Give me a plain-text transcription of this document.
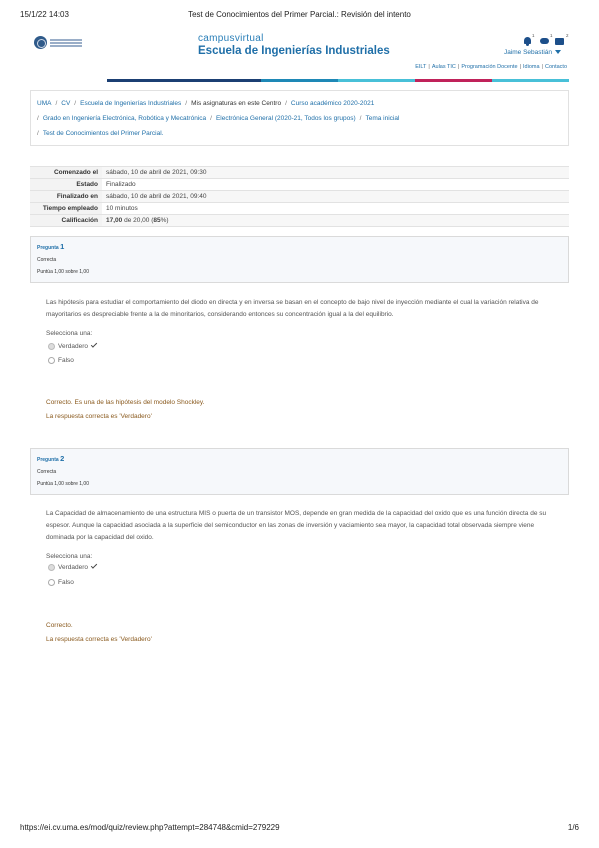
15/1/22 14:03	Test de Conocimientos del Primer Parcial.: Revisión del intento
campusvirtual
Escuela de Ingenierías Industriales
1	1	2
Jaime Sebastián
EILT | Aulas TIC | Programación Docente | Idioma | Contacto
UMA / CV / Escuela de Ingenierías Industriales / Mis asignaturas en este Centro / Curso académico 2020-2021
/ Grado en Ingeniería Electrónica, Robótica y Mecatrónica / Electrónica General (2020-21, Todos los grupos) / Tema inicial
/ Test de Conocimientos del Primer Parcial.
Comenzado el	sábado, 10 de abril de 2021, 09:30
Estado	Finalizado
Finalizado en	sábado, 10 de abril de 2021, 09:40
Tiempo empleado	10 minutos
Calificación	17,00 de 20,00 (85%)
Pregunta 1
Correcta
Puntúa 1,00 sobre 1,00
Las hipótesis para estudiar el comportamiento del diodo en directa y en inversa se basan en el concepto de bajo nivel de inyección mediante el cual la variación relativa de mayoritarios es despreciable frente a la de minoritarios, considerando entonces su concentración igual a la del equilibrio.
Selecciona una:
Verdadero
Falso
Correcto. Es una de las hipótesis del modelo Shockley.
La respuesta correcta es 'Verdadero'
Pregunta 2
Correcta
Puntúa 1,00 sobre 1,00
La Capacidad de almacenamiento de una estructura MIS o puerta de un transistor MOS, depende en gran medida de la capacidad del oxido que es una función directa de su espesor. Aunque la capacidad asociada a la superficie del semiconductor en las zonas de inversión y vaciamiento sea mayor, la capacidad total observada siempre viene dominada por la capacidad del oxido.
Selecciona una:
Verdadero
Falso
Correcto.
La respuesta correcta es 'Verdadero'
https://ei.cv.uma.es/mod/quiz/review.php?attempt=284748&cmid=279229	1/6
